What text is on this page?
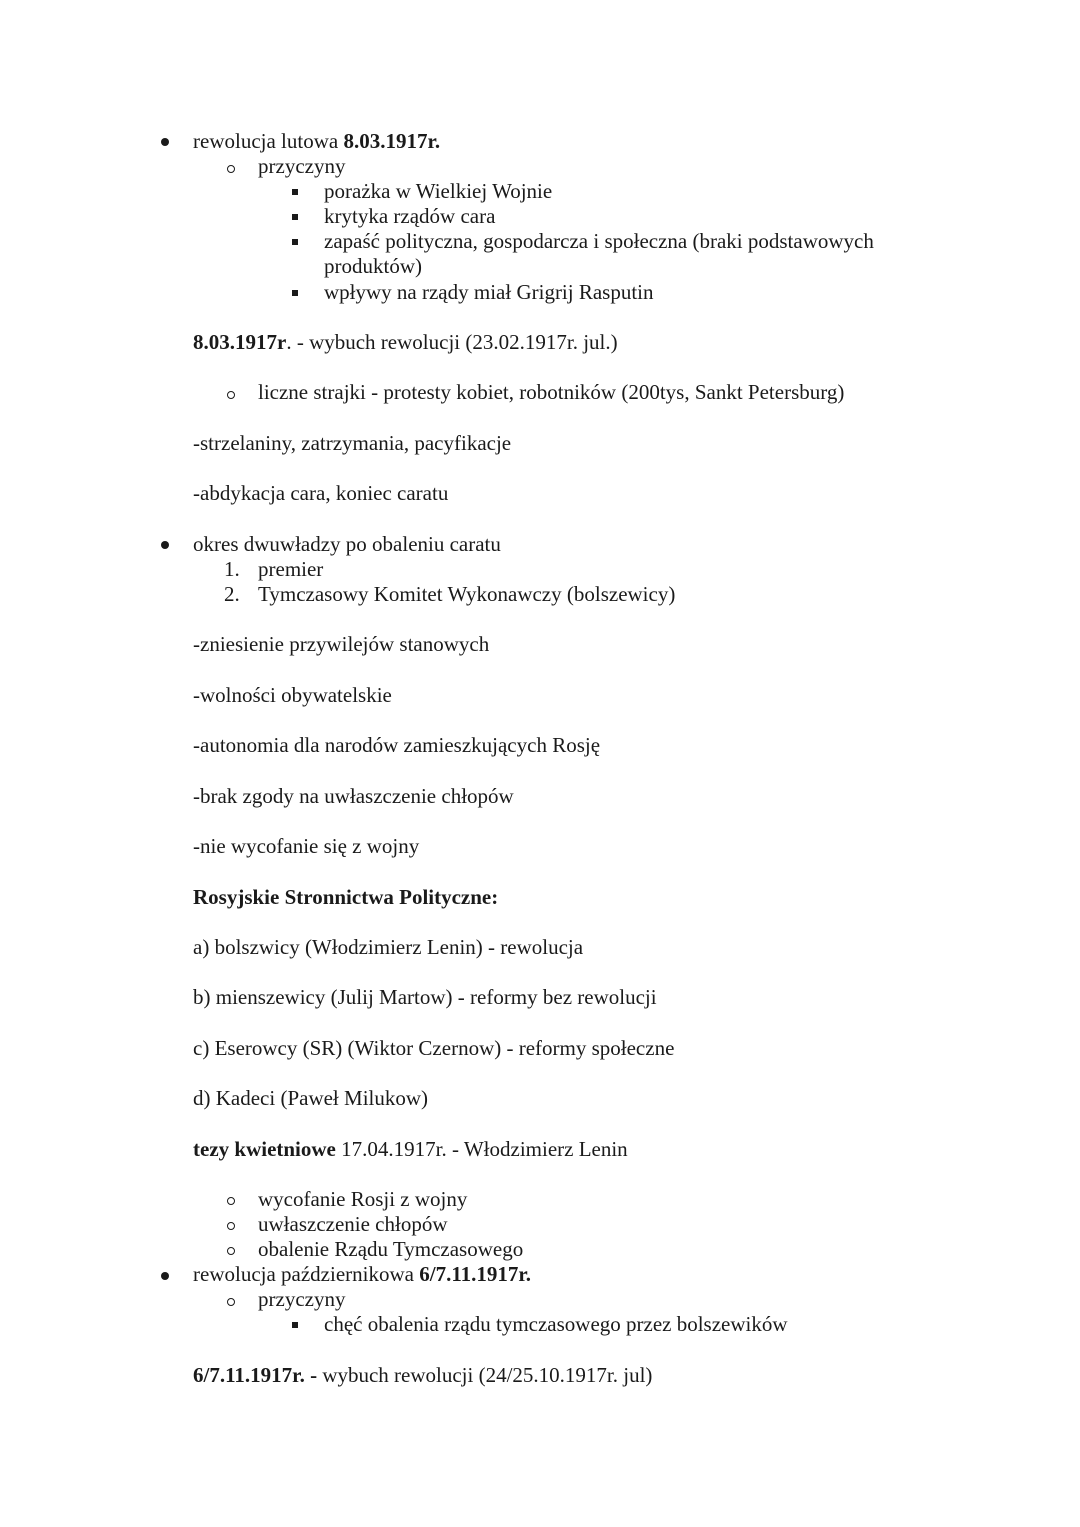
rewolucja lutowa 8.03.1917r.
przyczyny
porażka w Wielkiej Wojnie
krytyka rządów cara
zapaść polityczna, gospodarcza i społeczna (braki podstawowych
produktów)
wpływy na rządy miał Grigrij Rasputin
8.03.1917r. - wybuch rewolucji (23.02.1917r. jul.)
liczne strajki - protesty kobiet, robotników (200tys, Sankt Petersburg)
-strzelaniny, zatrzymania, pacyfikacje
-abdykacja cara, koniec caratu
okres dwuwładzy po obaleniu caratu
1. premier
2. Tymczasowy Komitet Wykonawczy (bolszewicy)
-zniesienie przywilejów stanowych
-wolności obywatelskie
-autonomia dla narodów zamieszkujących Rosję
-brak zgody na uwłaszczenie chłopów
-nie wycofanie się z wojny
Rosyjskie Stronnictwa Polityczne:
a) bolszwicy (Włodzimierz Lenin) - rewolucja
b) mienszewicy (Julij Martow) - reformy bez rewolucji
c) Eserowcy (SR) (Wiktor Czernow) - reformy społeczne
d) Kadeci (Paweł Milukow)
tezy kwietniowe 17.04.1917r. - Włodzimierz Lenin
wycofanie Rosji z wojny
uwłaszczenie chłopów
obalenie Rządu Tymczasowego
rewolucja październikowa 6/7.11.1917r.
przyczyny
chęć obalenia rządu tymczasowego przez bolszewików
6/7.11.1917r. - wybuch rewolucji (24/25.10.1917r. jul)
